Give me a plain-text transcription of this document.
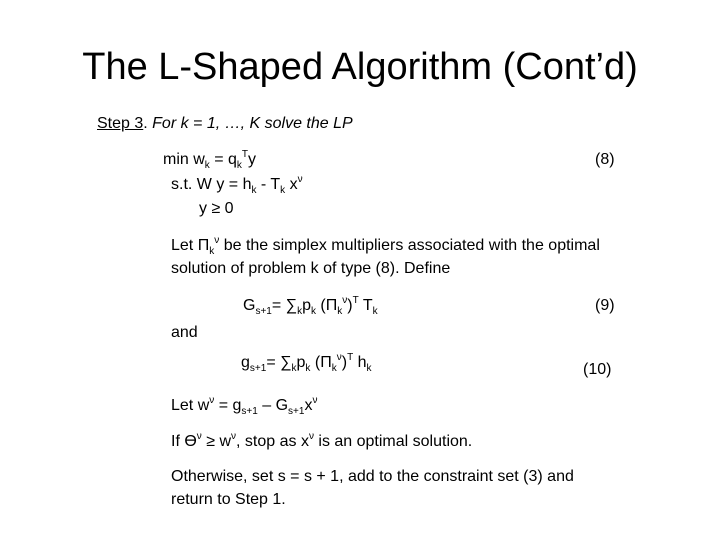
The L-Shaped Algorithm (Cont’d)
Step 3. For k = 1, …, K solve the LP
$\min w_k = q_k^Ty$	(8)
s.t. W $y = h_k - T_k$ $x^\nu$
y ≥ 0
Let $\Pi_k^\nu$ be the simplex multipliers associated with the optimal
solution of problem k of type (8). Define
$G_{s+1}= \sum_kp_k$ $(\Pi_k^\nu)^T$ $T_k$	(9)
and
$g_{s+1}= \sum_kp_k$ $(\Pi_k^\nu)^T$ $h_k$	(10)
Let $w^\nu = g_{s+1} - G_{s+1}x^\nu$
If $Ɵ^\nu \ge w^\nu$, stop as $x^\nu$ is an optimal solution.
Otherwise, set s = s + 1, add to the constraint set (3) and
return to Step 1.
